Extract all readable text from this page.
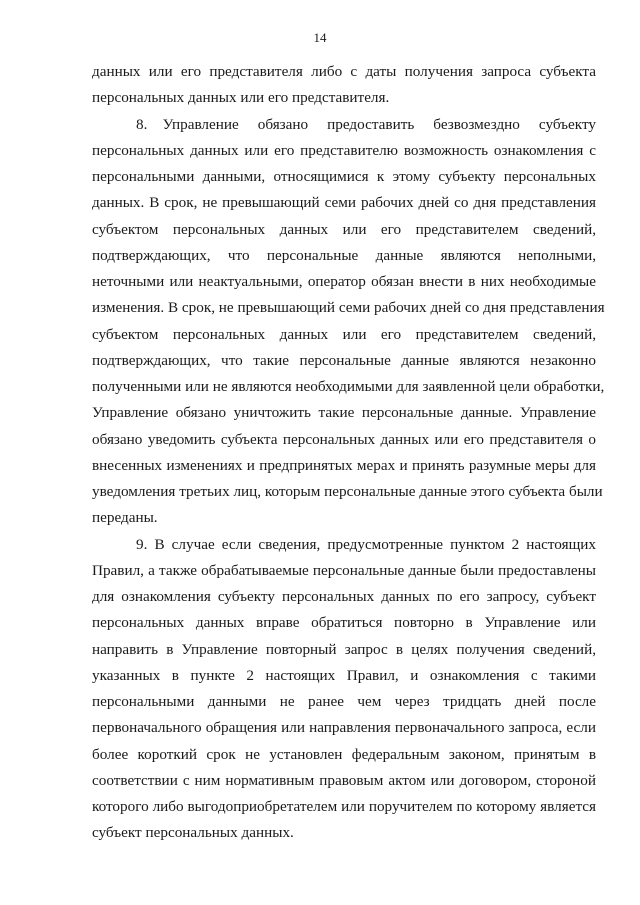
14
данных или его представителя либо с даты получения запроса субъекта
персональных данных или его представителя.
8. Управление обязано предоставить безвозмездно субъекту
персональных данных или его представителю возможность ознакомления с
персональными данными, относящимися к этому субъекту персональных
данных. В срок, не превышающий семи рабочих дней со дня представления
субъектом персональных данных или его представителем сведений,
подтверждающих, что персональные данные являются неполными,
неточными или неактуальными, оператор обязан внести в них необходимые
изменения. В срок, не превышающий семи рабочих дней со дня представления
субъектом персональных данных или его представителем сведений,
подтверждающих, что такие персональные данные являются незаконно
полученными или не являются необходимыми для заявленной цели обработки,
Управление обязано уничтожить такие персональные данные. Управление
обязано уведомить субъекта персональных данных или его представителя о
внесенных изменениях и предпринятых мерах и принять разумные меры для
уведомления третьих лиц, которым персональные данные этого субъекта были
переданы.
9. В случае если сведения, предусмотренные пунктом 2 настоящих
Правил, а также обрабатываемые персональные данные были предоставлены
для ознакомления субъекту персональных данных по его запросу, субъект
персональных данных вправе обратиться повторно в Управление или
направить в Управление повторный запрос в целях получения сведений,
указанных в пункте 2 настоящих Правил, и ознакомления с такими
персональными данными не ранее чем через тридцать дней после
первоначального обращения или направления первоначального запроса, если
более короткий срок не установлен федеральным законом, принятым в
соответствии с ним нормативным правовым актом или договором, стороной
которого либо выгодоприобретателем или поручителем по которому является
субъект персональных данных.
